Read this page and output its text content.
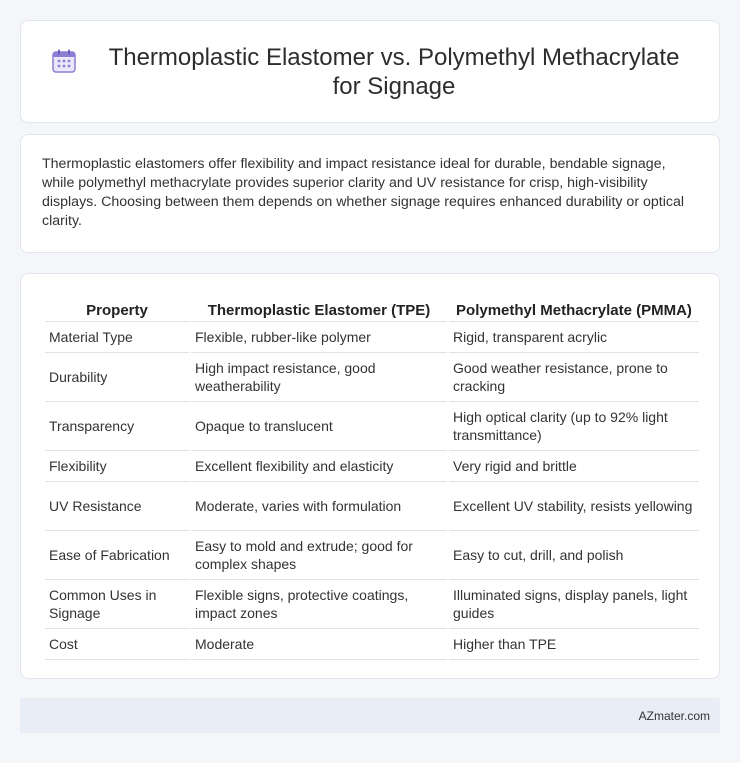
Thermoplastic Elastomer vs. Polymethyl Methacrylate for Signage

Thermoplastic elastomers offer flexibility and impact resistance ideal for durable, bendable signage, while polymethyl methacrylate provides superior clarity and UV resistance for crisp, high-visibility displays. Choosing between them depends on whether signage requires enhanced durability or optical clarity.

Property	Thermoplastic Elastomer (TPE)	Polymethyl Methacrylate (PMMA)
Material Type	Flexible, rubber-like polymer	Rigid, transparent acrylic
Durability	High impact resistance, good weatherability	Good weather resistance, prone to cracking
Transparency	Opaque to translucent	High optical clarity (up to 92% light transmittance)
Flexibility	Excellent flexibility and elasticity	Very rigid and brittle
UV Resistance	Moderate, varies with formulation	Excellent UV stability, resists yellowing
Ease of Fabrication	Easy to mold and extrude; good for complex shapes	Easy to cut, drill, and polish
Common Uses in Signage	Flexible signs, protective coatings, impact zones	Illuminated signs, display panels, light guides
Cost	Moderate	Higher than TPE
AZmater.com
